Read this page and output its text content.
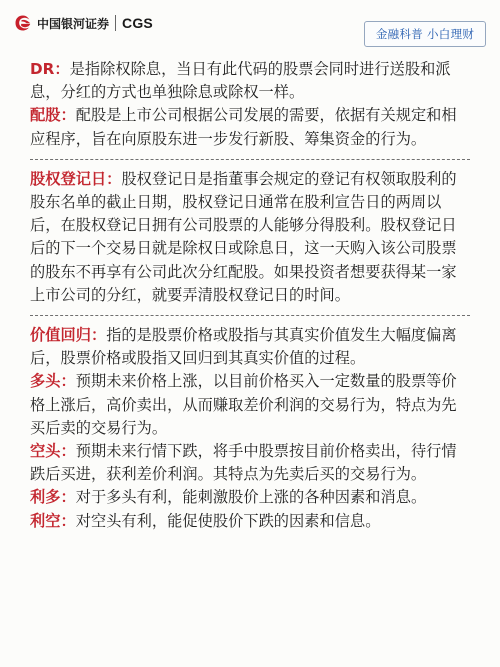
中国银河证券 CGS
金融科普 小白理财

DR：是指除权除息，当日有此代码的股票会同时进行送股和派息，分红的方式也单独除息或除权一样。

配股：配股是上市公司根据公司发展的需要，依据有关规定和相应程序，旨在向原股东进一步发行新股、筹集资金的行为。

股权登记日：股权登记日是指董事会规定的登记有权领取股利的股东名单的截止日期，股权登记日通常在股利宣告日的两周以后，在股权登记日拥有公司股票的人能够分得股利。股权登记日后的下一个交易日就是除权日或除息日，这一天购入该公司股票的股东不再享有公司此次分红配股。如果投资者想要获得某一家上市公司的分红，就要弄清股权登记日的时间。

价值回归：指的是股票价格或股指与其真实价值发生大幅度偏离后，股票价格或股指又回归到其真实价值的过程。

多头：预期未来价格上涨，以目前价格买入一定数量的股票等价格上涨后，高价卖出，从而赚取差价利润的交易行为，特点为先买后卖的交易行为。

空头：预期未来行情下跌，将手中股票按目前价格卖出，待行情跌后买进，获利差价利润。其特点为先卖后买的交易行为。

利多：对于多头有利，能刺激股价上涨的各种因素和消息。

利空：对空头有利，能促使股价下跌的因素和信息。
